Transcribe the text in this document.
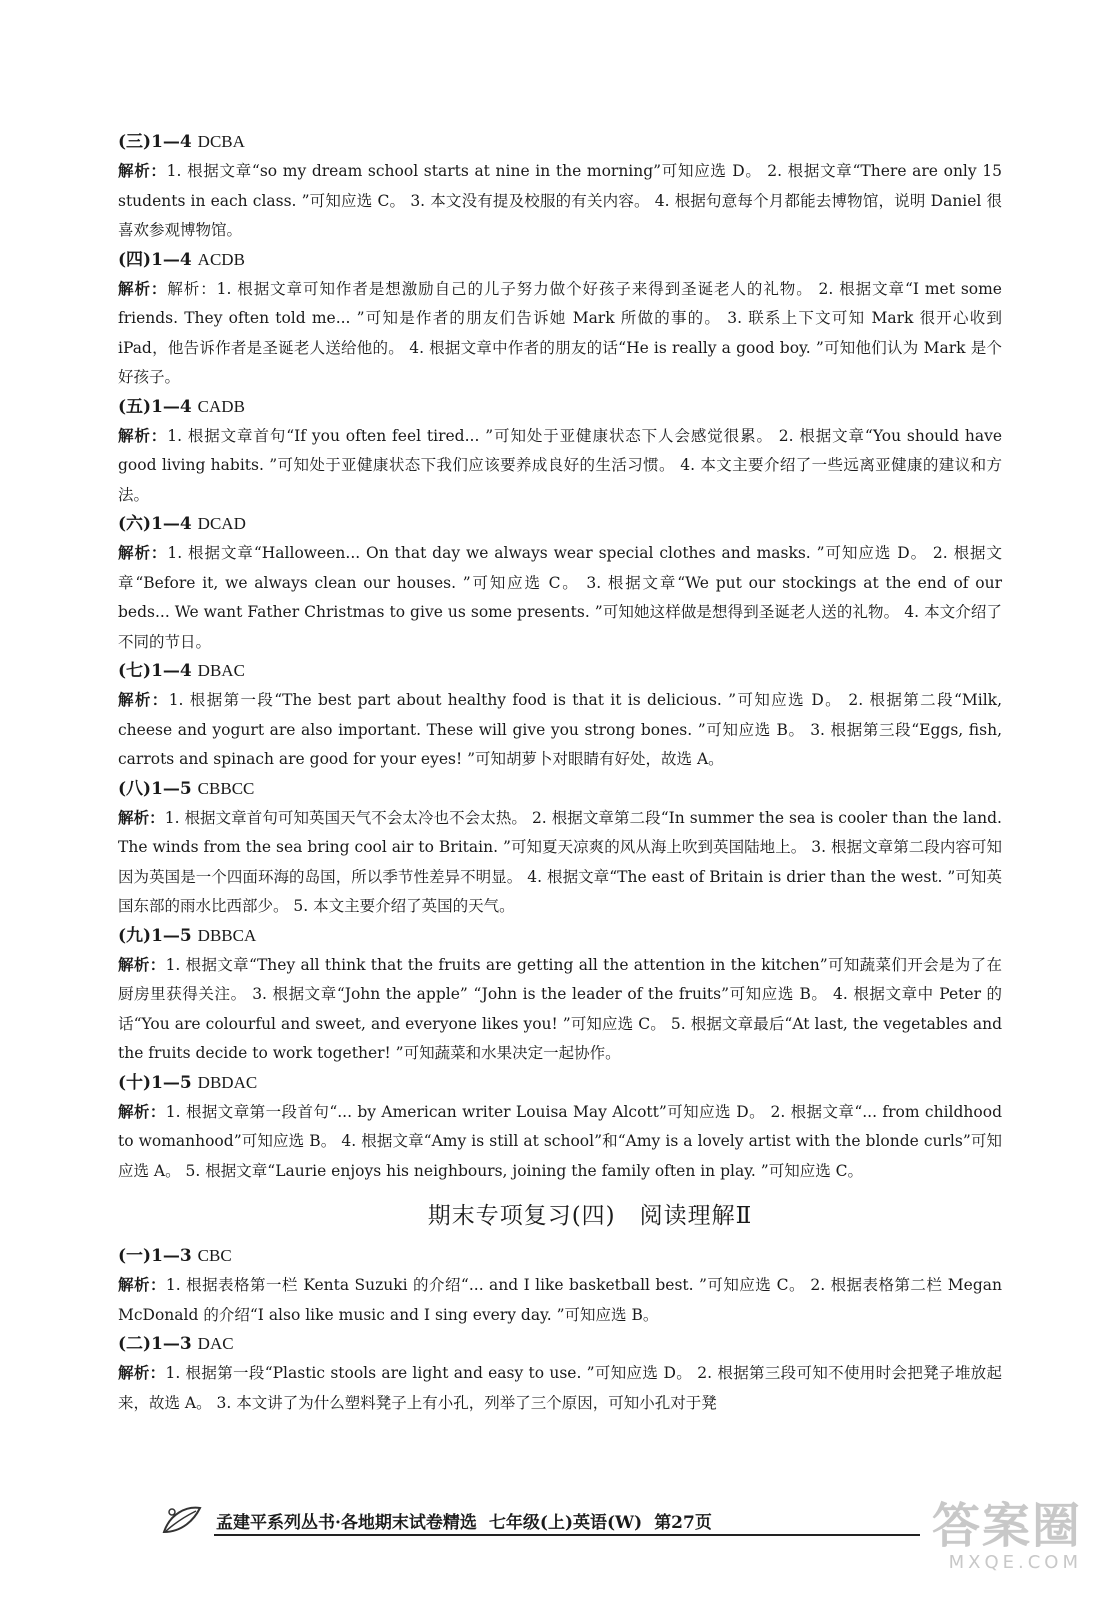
(三)1—4 DCBA

解析：1. 根据文章“so my dream school starts at nine in the morning”可知应选 D。 2. 根据文章“There are only 15 students in each class. ”可知应选 C。 3. 本文没有提及校服的有关内容。 4. 根据句意每个月都能去博物馆，说明 Daniel 很喜欢参观博物馆。

(四)1—4 ACDB

解析：解析：1. 根据文章可知作者是想激励自己的儿子努力做个好孩子来得到圣诞老人的礼物。 2. 根据文章“I met some friends. They often told me... ”可知是作者的朋友们告诉她 Mark 所做的事的。 3. 联系上下文可知 Mark 很开心收到 iPad，他告诉作者是圣诞老人送给他的。 4. 根据文章中作者的朋友的话“He is really a good boy. ”可知他们认为 Mark 是个好孩子。

(五)1—4 CADB

解析：1. 根据文章首句“If you often feel tired... ”可知处于亚健康状态下人会感觉很累。 2. 根据文章“You should have good living habits. ”可知处于亚健康状态下我们应该要养成良好的生活习惯。 4. 本文主要介绍了一些远离亚健康的建议和方法。

(六)1—4 DCAD

解析：1. 根据文章“Halloween... On that day we always wear special clothes and masks. ”可知应选 D。 2. 根据文章“Before it, we always clean our houses. ”可知应选 C。 3. 根据文章“We put our stockings at the end of our beds... We want Father Christmas to give us some presents. ”可知她这样做是想得到圣诞老人送的礼物。 4. 本文介绍了不同的节日。

(七)1—4 DBAC

解析：1. 根据第一段“The best part about healthy food is that it is delicious. ”可知应选 D。 2. 根据第二段“Milk, cheese and yogurt are also important. These will give you strong bones. ”可知应选 B。 3. 根据第三段“Eggs, fish, carrots and spinach are good for your eyes! ”可知胡萝卜对眼睛有好处，故选 A。

(八)1—5 CBBCC

解析：1. 根据文章首句可知英国天气不会太冷也不会太热。 2. 根据文章第二段“In summer the sea is cooler than the land. The winds from the sea bring cool air to Britain. ”可知夏天凉爽的风从海上吹到英国陆地上。 3. 根据文章第二段内容可知因为英国是一个四面环海的岛国，所以季节性差异不明显。 4. 根据文章“The east of Britain is drier than the west. ”可知英国东部的雨水比西部少。 5. 本文主要介绍了英国的天气。

(九)1—5 DBBCA

解析：1. 根据文章“They all think that the fruits are getting all the attention in the kitchen”可知蔬菜们开会是为了在厨房里获得关注。 3. 根据文章“John the apple” “John is the leader of the fruits”可知应选 B。 4. 根据文章中 Peter 的话“You are colourful and sweet, and everyone likes you! ”可知应选 C。 5. 根据文章最后“At last, the vegetables and the fruits decide to work together! ”可知蔬菜和水果决定一起协作。

(十)1—5 DBDAC

解析：1. 根据文章第一段首句“... by American writer Louisa May Alcott”可知应选 D。 2. 根据文章“... from childhood to womanhood”可知应选 B。 4. 根据文章“Amy is still at school”和“Amy is a lovely artist with the blonde curls”可知应选 A。 5. 根据文章“Laurie enjoys his neighbours, joining the family often in play. ”可知应选 C。

期末专项复习(四)　阅读理解Ⅱ
(一)1—3 CBC

解析：1. 根据表格第一栏 Kenta Suzuki 的介绍“... and I like basketball best. ”可知应选 C。 2. 根据表格第二栏 Megan McDonald 的介绍“I also like music and I sing every day. ”可知应选 B。

(二)1—3 DAC

解析：1. 根据第一段“Plastic stools are light and easy to use. ”可知应选 D。 2. 根据第三段可知不使用时会把凳子堆放起来，故选 A。 3. 本文讲了为什么塑料凳子上有小孔，列举了三个原因，可知小孔对于凳

孟建平系列丛书·各地期末试卷精选 七年级(上)英语(W) 第27页	答案圈
MXQE.COM
